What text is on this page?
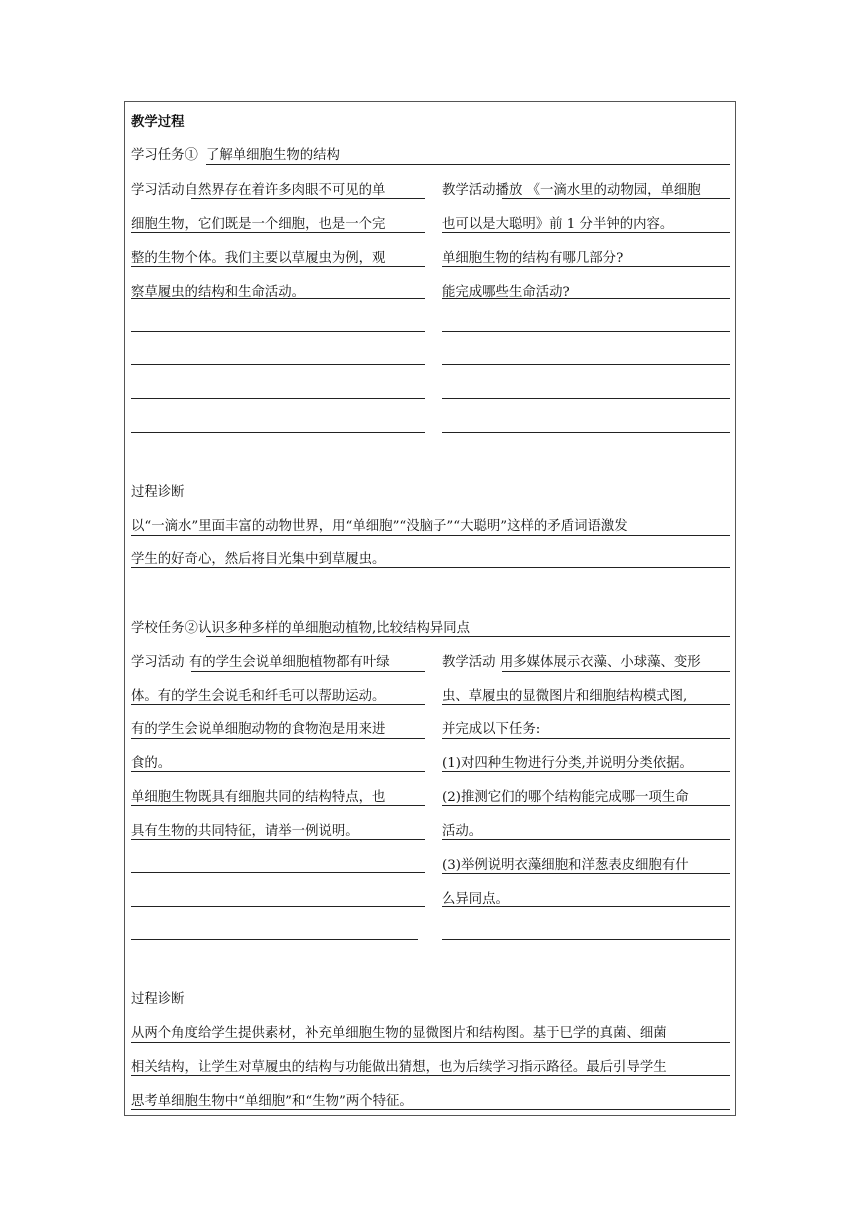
教学过程
学习任务① 了解单细胞生物的结构
学习活动自然界存在着许多肉眼不可见的单
细胞生物，它们既是一个细胞，也是一个完
整的生物个体。我们主要以草履虫为例，观
察草履虫的结构和生命活动。
教学活动播放 《一滴水里的动物园，单细胞
也可以是大聪明》前 1 分半钟的内容。
单细胞生物的结构有哪几部分?
能完成哪些生命活动?
过程诊断
以“一滴水”里面丰富的动物世界，用“单细胞”“没脑子”“大聪明”这样的矛盾词语激发
学生的好奇心，然后将目光集中到草履虫。
学校任务②认识多种多样的单细胞动植物,比较结构异同点
学习活动 有的学生会说单细胞植物都有叶绿
体。有的学生会说毛和纤毛可以帮助运动。
有的学生会说单细胞动物的食物泡是用来进
食的。
单细胞生物既具有细胞共同的结构特点，也
具有生物的共同特征，请举一例说明。
教学活动 用多媒体展示衣藻、小球藻、变形
虫、草履虫的显微图片和细胞结构模式图,
并完成以下任务:
(1)对四种生物进行分类,并说明分类依据。
(2)推测它们的哪个结构能完成哪一项生命
活动。
(3)举例说明衣藻细胞和洋葱表皮细胞有什
么异同点。
过程诊断
从两个角度给学生提供素材，补充单细胞生物的显微图片和结构图。基于巳学的真菌、细菌
相关结构，让学生对草履虫的结构与功能做出猜想，也为后续学习指示路径。最后引导学生
思考单细胞生物中“单细胞”和“生物”两个特征。
